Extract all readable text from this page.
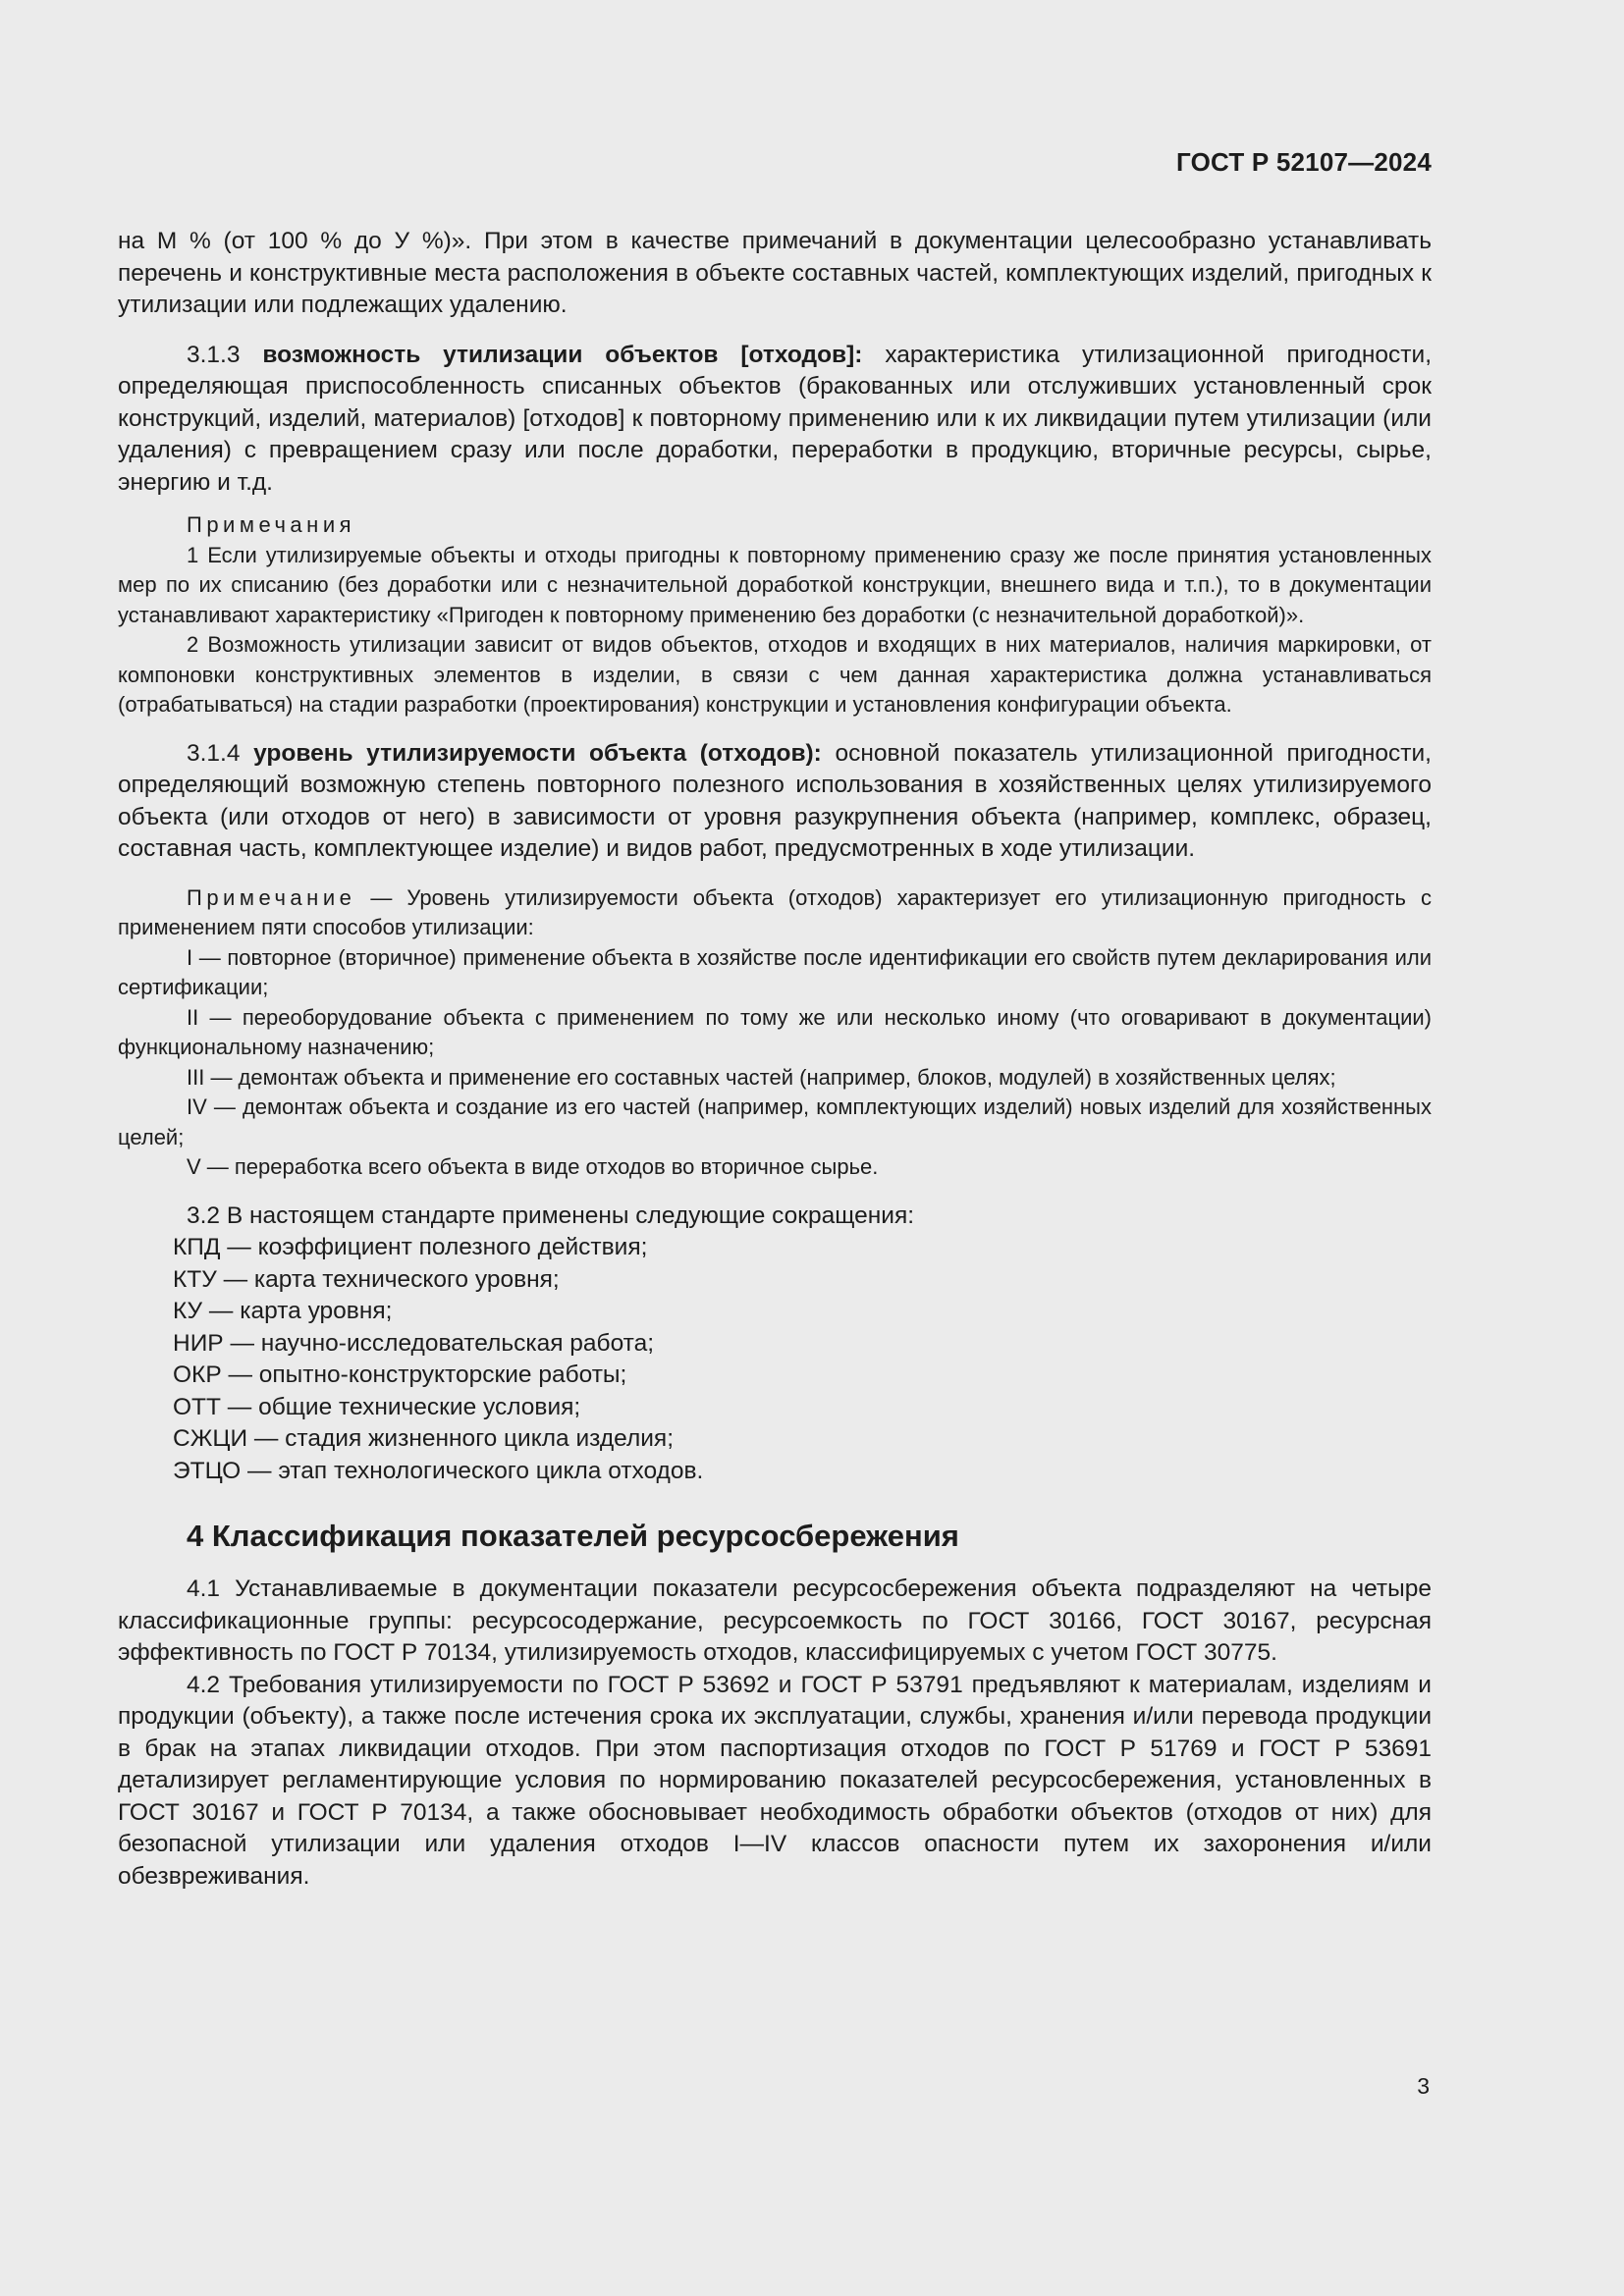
ГОСТ Р 52107—2024

на М % (от 100 % до У %)». При этом в качестве примечаний в документации целесообразно устанавливать перечень и конструктивные места расположения в объекте составных частей, комплектующих изделий, пригодных к утилизации или подлежащих удалению.

3.1.3 возможность утилизации объектов [отходов]: характеристика утилизационной пригодности, определяющая приспособленность списанных объектов (бракованных или отслуживших установленный срок конструкций, изделий, материалов) [отходов] к повторному применению или к их ликвидации путем утилизации (или удаления) с превращением сразу или после доработки, переработки в продукцию, вторичные ресурсы, сырье, энергию и т.д.

Примечания

1 Если утилизируемые объекты и отходы пригодны к повторному применению сразу же после принятия установленных мер по их списанию (без доработки или с незначительной доработкой конструкции, внешнего вида и т.п.), то в документации устанавливают характеристику «Пригоден к повторному применению без доработки (с незначительной доработкой)».

2 Возможность утилизации зависит от видов объектов, отходов и входящих в них материалов, наличия маркировки, от компоновки конструктивных элементов в изделии, в связи с чем данная характеристика должна устанавливаться (отрабатываться) на стадии разработки (проектирования) конструкции и установления конфигурации объекта.

3.1.4 уровень утилизируемости объекта (отходов): основной показатель утилизационной пригодности, определяющий возможную степень повторного полезного использования в хозяйственных целях утилизируемого объекта (или отходов от него) в зависимости от уровня разукрупнения объекта (например, комплекс, образец, составная часть, комплектующее изделие) и видов работ, предусмотренных в ходе утилизации.

Примечание — Уровень утилизируемости объекта (отходов) характеризует его утилизационную пригодность с применением пяти способов утилизации:

I — повторное (вторичное) применение объекта в хозяйстве после идентификации его свойств путем декларирования или сертификации;

II — переоборудование объекта с применением по тому же или несколько иному (что оговаривают в документации) функциональному назначению;

III — демонтаж объекта и применение его составных частей (например, блоков, модулей) в хозяйственных целях;

IV — демонтаж объекта и создание из его частей (например, комплектующих изделий) новых изделий для хозяйственных целей;

V — переработка всего объекта в виде отходов во вторичное сырье.

3.2 В настоящем стандарте применены следующие сокращения:

КПД — коэффициент полезного действия;

КТУ — карта технического уровня;

КУ — карта уровня;

НИР — научно-исследовательская работа;

ОКР — опытно-конструкторские работы;

ОТТ — общие технические условия;

СЖЦИ — стадия жизненного цикла изделия;

ЭТЦО — этап технологического цикла отходов.

4 Классификация показателей ресурсосбережения

4.1 Устанавливаемые в документации показатели ресурсосбережения объекта подразделяют на четыре классификационные группы: ресурсосодержание, ресурсоемкость по ГОСТ 30166, ГОСТ 30167, ресурсная эффективность по ГОСТ Р 70134, утилизируемость отходов, классифицируемых с учетом ГОСТ 30775.

4.2 Требования утилизируемости по ГОСТ Р 53692 и ГОСТ Р 53791 предъявляют к материалам, изделиям и продукции (объекту), а также после истечения срока их эксплуатации, службы, хранения и/или перевода продукции в брак на этапах ликвидации отходов. При этом паспортизация отходов по ГОСТ Р 51769 и ГОСТ Р 53691 детализирует регламентирующие условия по нормированию показателей ресурсосбережения, установленных в ГОСТ 30167 и ГОСТ Р 70134, а также обосновывает необходимость обработки объектов (отходов от них) для безопасной утилизации или удаления отходов I—IV классов опасности путем их захоронения и/или обезвреживания.

3
